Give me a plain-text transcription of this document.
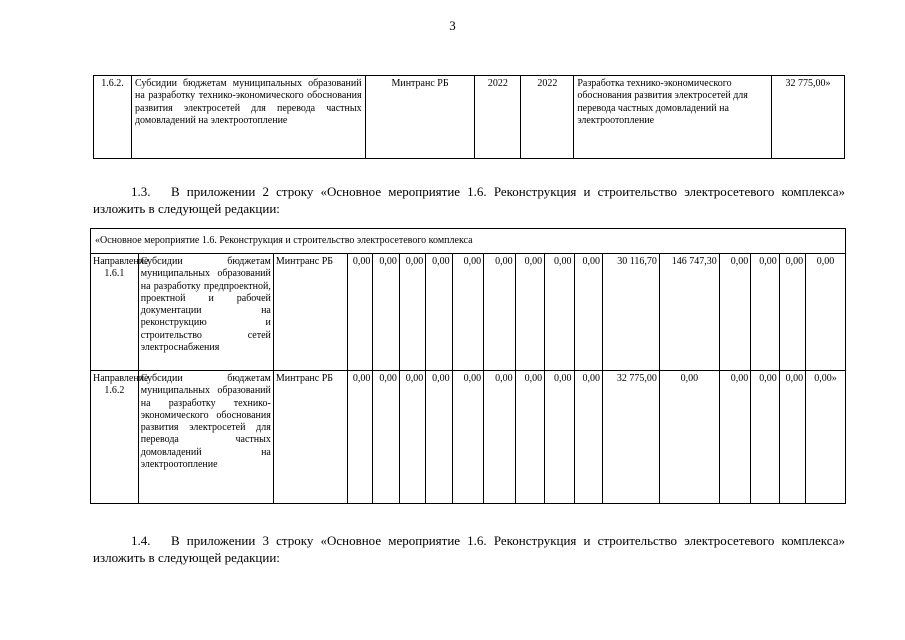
3
1.6.2.	Субсидии бюджетам муниципальных образований на разработку технико-экономического обоснования развития электросетей для перевода частных домовладений на электроотопление	Минтранс РБ	2022	2022	Разработка технико-экономического обоснования развития электросетей для перевода частных домовладений на электроотопление	32 775,00»
1.3. В приложении 2 строку «Основное мероприятие 1.6. Реконструкция и строительство электросетевого комплекса» изложить в следующей редакции:
«Основное мероприятие 1.6. Реконструкция и строительство электросетевого комплекса																	
Направление 1.6.1	Субсидии бюджетам муниципальных образований на разработку предпроектной, проектной и рабочей документации на реконструкцию и строительство сетей электроснабжения	Минтранс РБ	0,00	0,00	0,00	0,00	0,00	0,00	0,00	0,00	0,00	30 116,70	146 747,30	0,00	0,00	0,00	0,00
Направление 1.6.2	Субсидии бюджетам муниципальных образований на разработку технико-экономического обоснования развития электросетей для перевода частных домовладений на электроотопление	Минтранс РБ	0,00	0,00	0,00	0,00	0,00	0,00	0,00	0,00	0,00	32 775,00	0,00	0,00	0,00	0,00	0,00»
1.4. В приложении 3 строку «Основное мероприятие 1.6. Реконструкция и строительство электросетевого комплекса» изложить в следующей редакции:
